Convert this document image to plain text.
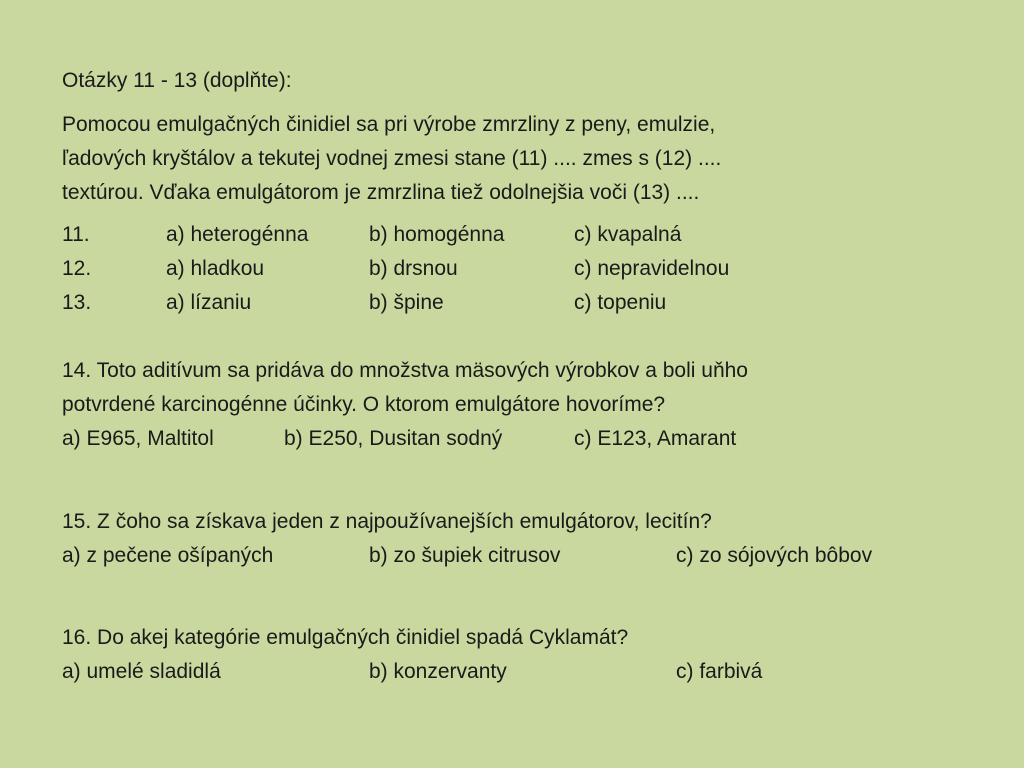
Otázky 11 - 13 (doplňte):
Pomocou emulgačných činidiel sa pri výrobe zmrzliny z peny, emulzie,
ľadových kryštálov a tekutej vodnej zmesi stane (11) .... zmes s (12) ....
textúrou. Vďaka emulgátorom je zmrzlina tiež odolnejšia voči (13) ....
11.	a) heterogénna	b) homogénna	c) kvapalná
12.	a) hladkou	b) drsnou	c) nepravidelnou
13.	a) lízaniu	b) špine	c) topeniu
14. Toto aditívum sa pridáva do množstva mäsových výrobkov a boli uňho
potvrdené karcinogénne účinky. O ktorom emulgátore hovoríme?
a) E965, Maltitol	b) E250, Dusitan sodný	c) E123, Amarant
15. Z čoho sa získava jeden z najpoužívanejších emulgátorov, lecitín?
a) z pečene ošípaných	b) zo šupiek citrusov	c) zo sójových bôbov
16. Do akej kategórie emulgačných činidiel spadá Cyklamát?
a) umelé sladidlá	b) konzervanty	c) farbivá
